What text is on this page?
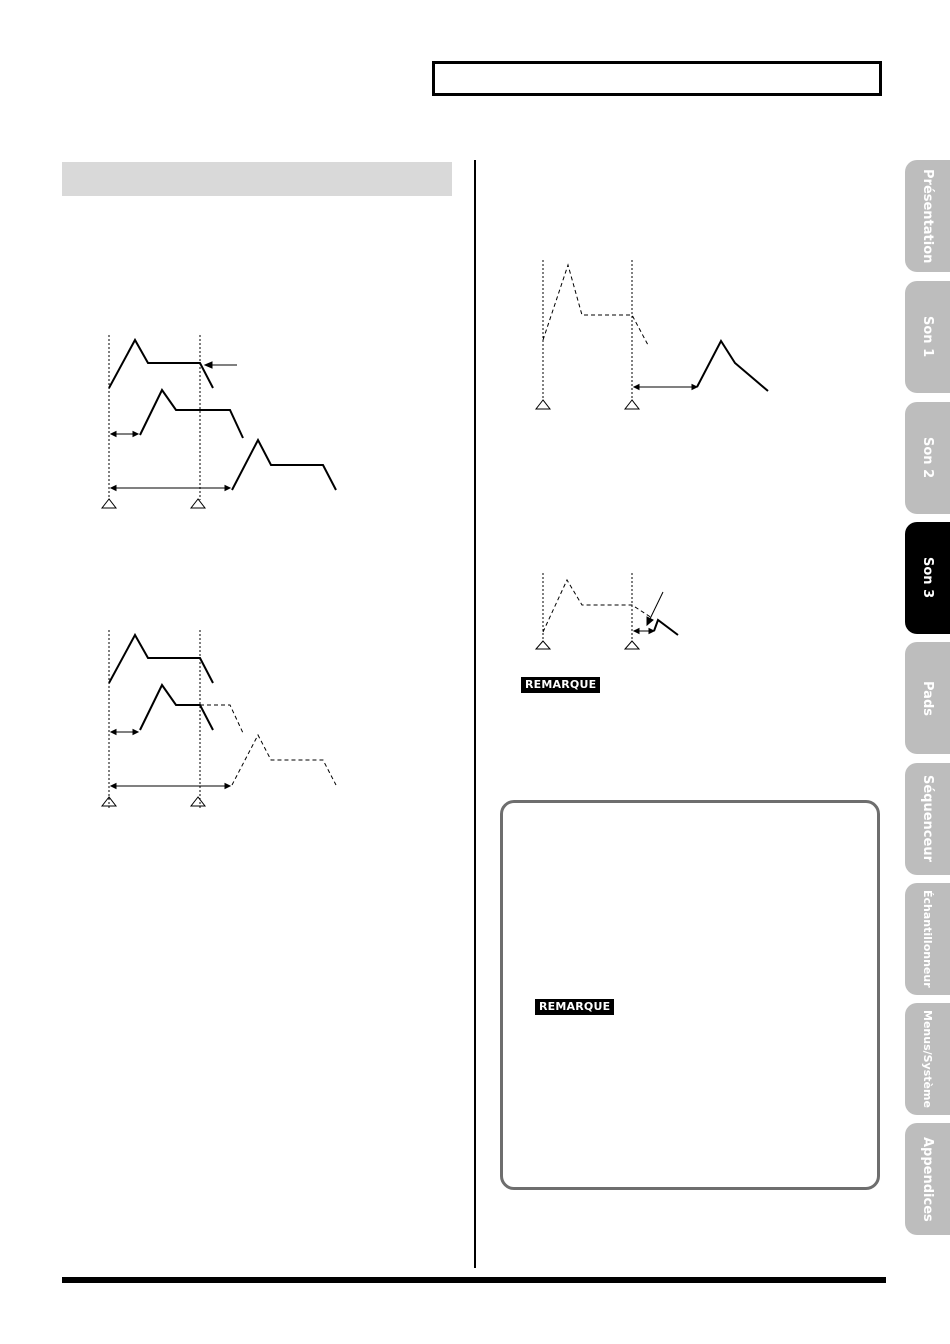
REMARQUE
REMARQUE
Présentation
Son 1
Son 2
Son 3
Pads
Séquenceur
Échantillonneur
Menus/Système
Appendices
